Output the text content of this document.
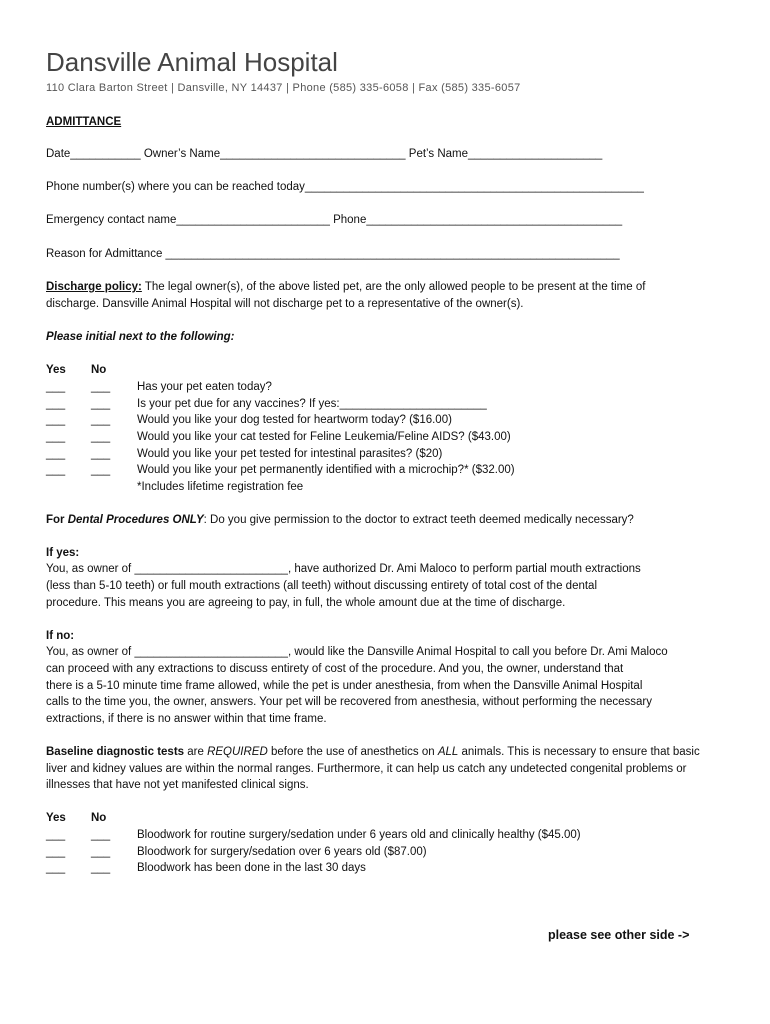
Dansville Animal Hospital
110 Clara Barton Street | Dansville, NY 14437 | Phone (585) 335-6058 | Fax (585) 335-6057
ADMITTANCE
Date___________ Owner’s Name_____________________________ Pet’s Name_____________________
Phone number(s) where you can be reached today_____________________________________________________
Emergency contact name________________________ Phone________________________________________
Reason for Admittance _______________________________________________________________________
Discharge policy: The legal owner(s), of the above listed pet, are the only allowed people to be present at the time of
discharge. Dansville Animal Hospital will not discharge pet to a representative of the owner(s).
Please initial next to the following:
Yes No
___
___
___
___
___
___
___
___
___
___
___
___
Has your pet eaten today?
Is your pet due for any vaccines? If yes:_______________________
Would you like your dog tested for heartworm today? ($16.00)
Would you like your cat tested for Feline Leukemia/Feline AIDS? ($43.00)
Would you like your pet tested for intestinal parasites? ($20)
Would you like your pet permanently identified with a microchip?* ($32.00)
*Includes lifetime registration fee
For Dental Procedures ONLY: Do you give permission to the doctor to extract teeth deemed medically necessary?
If yes:
You, as owner of ________________________, have authorized Dr. Ami Maloco to perform partial mouth extractions
(less than 5-10 teeth) or full mouth extractions (all teeth) without discussing entirety of total cost of the dental
procedure. This means you are agreeing to pay, in full, the whole amount due at the time of discharge.
If no:
You, as owner of ________________________, would like the Dansville Animal Hospital to call you before Dr. Ami Maloco
can proceed with any extractions to discuss entirety of cost of the procedure. And you, the owner, understand that
there is a 5-10 minute time frame allowed, while the pet is under anesthesia, from when the Dansville Animal Hospital
calls to the time you, the owner, answers. Your pet will be recovered from anesthesia, without performing the necessary
extractions, if there is no answer within that time frame.
Baseline diagnostic tests are REQUIRED before the use of anesthetics on ALL animals. This is necessary to ensure that basic
liver and kidney values are within the normal ranges. Furthermore, it can help us catch any undetected congenital problems or
illnesses that have not yet manifested clinical signs.
Yes No
___
___
___
___
___
___
Bloodwork for routine surgery/sedation under 6 years old and clinically healthy ($45.00)
Bloodwork for surgery/sedation over 6 years old ($87.00)
Bloodwork has been done in the last 30 days
please see other side ->
